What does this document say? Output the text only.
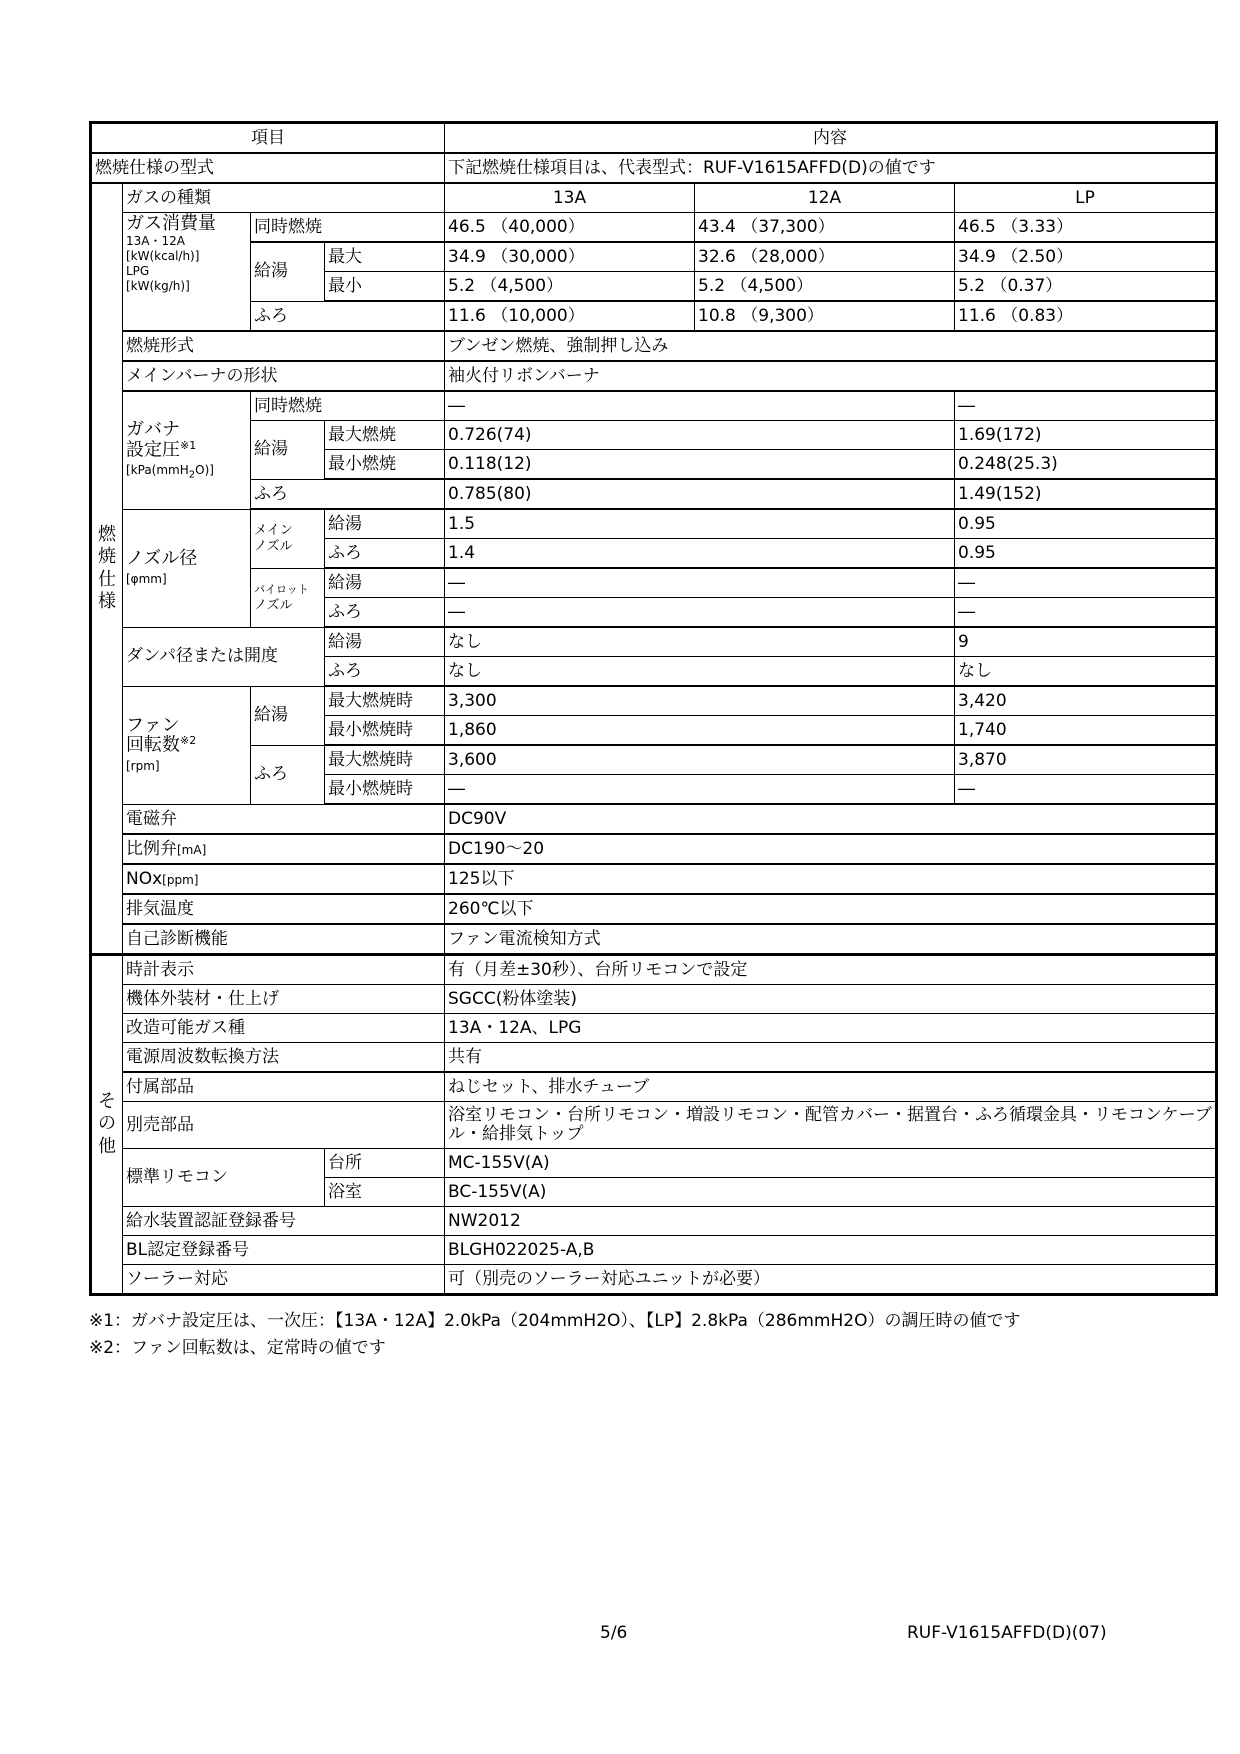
項目				内容		
燃焼仕様の型式				下記燃焼仕様項目は、代表型式：RUF-V1615AFFD(D)の値です		
燃
焼
仕
様	ガスの種類			13A	12A	LP
	ガス消費量
13A・12A
[kW(kcal/h)]
LPG
[kW(kg/h)]	同時燃焼		46.5 （40,000）	43.4 （37,300）	46.5 （3.33）
		給湯	最大	34.9 （30,000）	32.6 （28,000）	34.9 （2.50）
			最小	5.2 （4,500）	5.2 （4,500）	5.2 （0.37）
		ふろ		11.6 （10,000）	10.8 （9,300）	11.6 （0.83）
	燃焼形式			ブンゼン燃焼、強制押し込み		
	メインバーナの形状			袖火付リボンバーナ		
	ガバナ
設定圧$^{※1}$
[kPa(mmH$_2$O)]	同時燃焼		―		―
		給湯	最大燃焼	0.726(74)		1.69(172)
			最小燃焼	0.118(12)		0.248(25.3)
		ふろ		0.785(80)		1.49(152)
	ノズル径
[φmm]	メイン
ノズル	給湯	1.5		0.95
			ふろ	1.4		0.95
		パイロット
ノズル	給湯	―		―
			ふろ	―		―
	ダンパ径または開度		給湯	なし		9
			ふろ	なし		なし
	ファン
回転数$^{※2}$
[rpm]	給湯	最大燃焼時	3,300		3,420
			最小燃焼時	1,860		1,740
		ふろ	最大燃焼時	3,600		3,870
			最小燃焼時	―		―
	電磁弁			DC90V		
	比例弁[mA]			DC190～20		
	NOx[ppm]			125以下		
	排気温度			260℃以下		
	自己診断機能			ファン電流検知方式		
そ
の
他	時計表示			有（月差±30秒）、台所リモコンで設定		
	機体外装材・仕上げ			SGCC(粉体塗装)		
	改造可能ガス種			13A・12A、LPG		
	電源周波数転換方法			共有		
	付属部品			ねじセット、排水チューブ		
	別売部品			浴室リモコン・台所リモコン・増設リモコン・配管カバー・据置台・ふろ循環金具・リモコンケーブル・給排気トップ		
	標準リモコン		台所	MC-155V(A)		
			浴室	BC-155V(A)		
	給水装置認証登録番号			NW2012		
	BL認定登録番号			BLGH022025-A,B		
	ソーラー対応			可（別売のソーラー対応ユニットが必要）		
※1：ガバナ設定圧は、一次圧：【13A・12A】2.0kPa（204mmH2O）、【LP】2.8kPa（286mmH2O）の調圧時の値です
※2：ファン回転数は、定常時の値です
5/6	RUF-V1615AFFD(D)(07)
